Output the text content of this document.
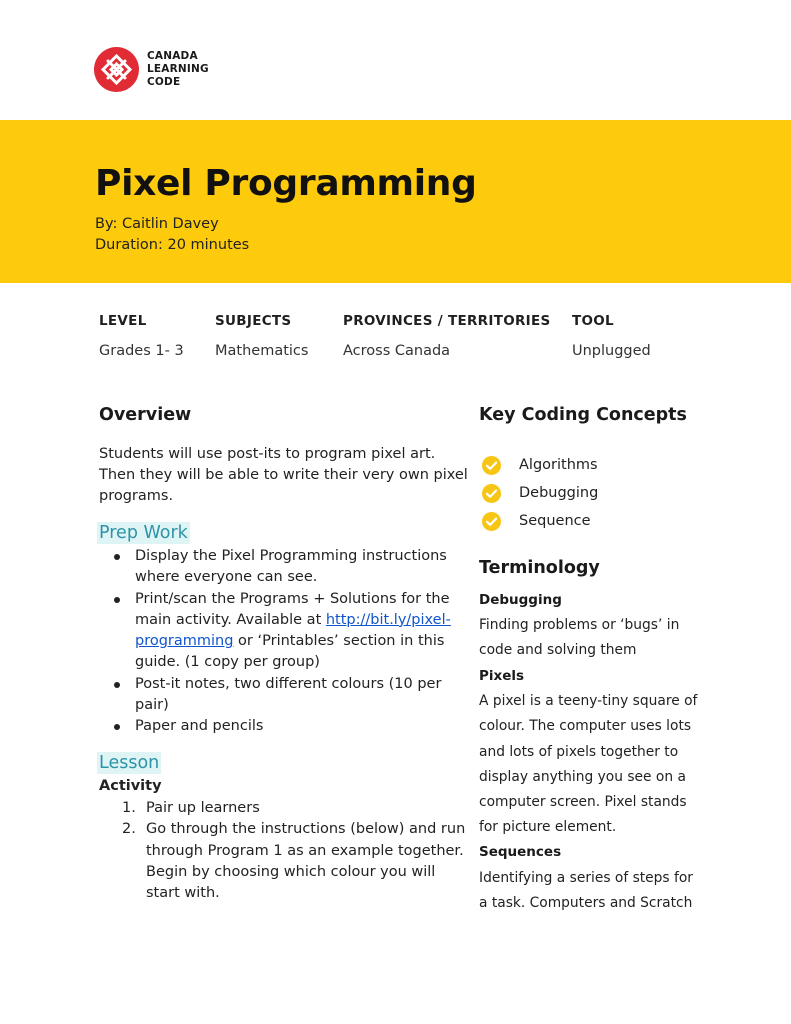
CANADA
LEARNING
CODE
Pixel Programming
By: Caitlin Davey
Duration: 20 minutes
LEVEL
Grades 1- 3
SUBJECTS
Mathematics
PROVINCES / TERRITORIES
Across Canada
TOOL
Unplugged
Overview
Students will use post-its to program pixel art. Then they will be able to write their very own pixel programs.
Prep Work
Display the Pixel Programming instructions where everyone can see.
Print/scan the Programs + Solutions for the main activity. Available at http://bit.ly/pixel-programming or ‘Printables’ section in this guide. (1 copy per group)
Post-it notes, two different colours (10 per pair)
Paper and pencils
Lesson
Activity
1. Pair up learners
2. Go through the instructions (below) and run through Program 1 as an example together. Begin by choosing which colour you will start with.
Key Coding Concepts
Algorithms
Debugging
Sequence
Terminology
Debugging
Finding problems or ‘bugs’ in code and solving them
Pixels
A pixel is a teeny-tiny square of colour. The computer uses lots and lots of pixels together to display anything you see on a computer screen. Pixel stands for picture element.
Sequences
Identifying a series of steps for a task. Computers and Scratch
